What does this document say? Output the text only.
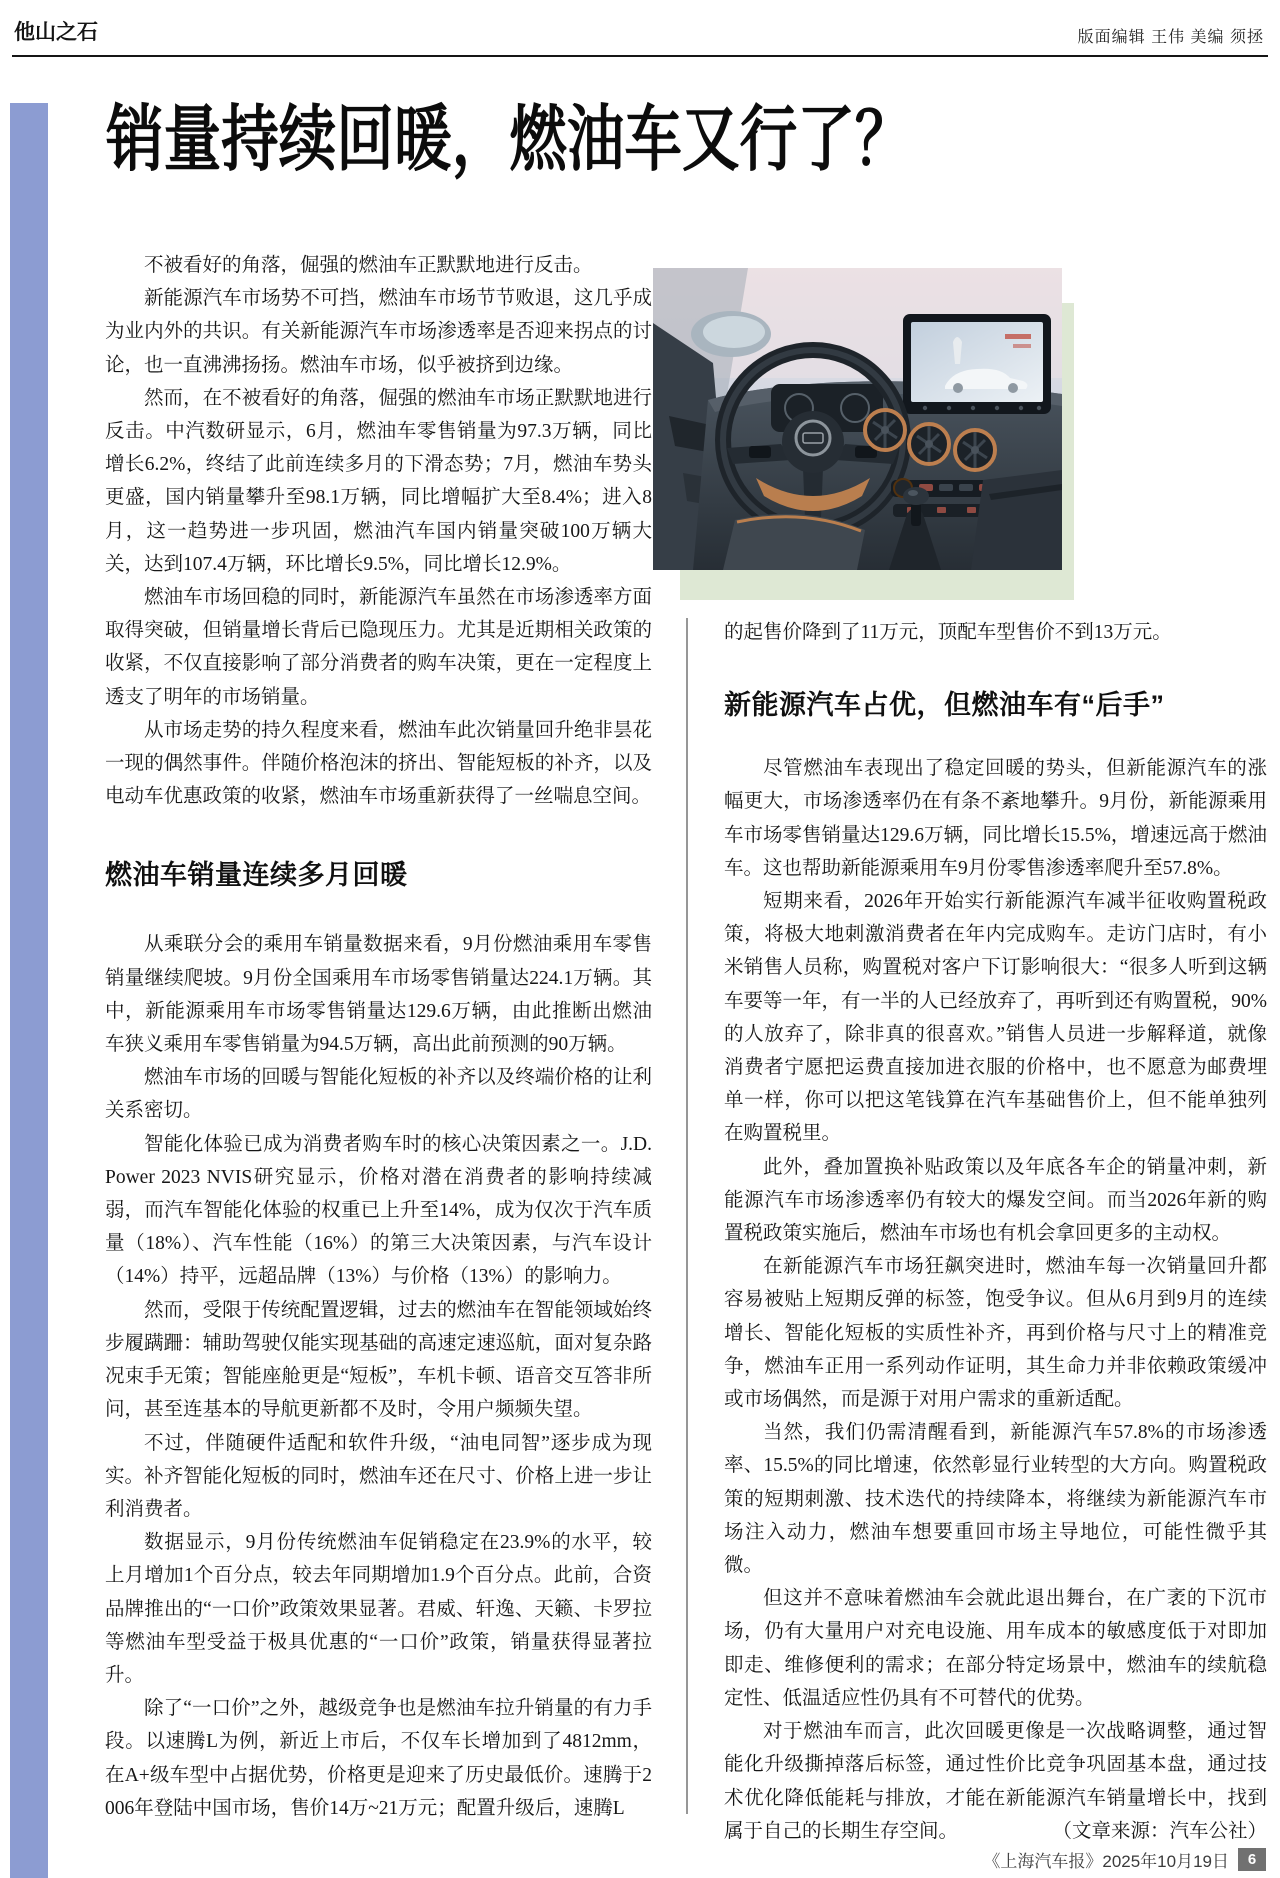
他山之石	版面编辑 王伟 美编 须拯
销量持续回暖，燃油车又行了？

不被看好的角落，倔强的燃油车正默默地进行反击。

新能源汽车市场势不可挡，燃油车市场节节败退，这几乎成为业内外的共识。有关新能源汽车市场渗透率是否迎来拐点的讨论，也一直沸沸扬扬。燃油车市场，似乎被挤到边缘。

然而，在不被看好的角落，倔强的燃油车市场正默默地进行反击。中汽数研显示，6月，燃油车零售销量为97.3万辆，同比增长6.2%，终结了此前连续多月的下滑态势；7月，燃油车势头更盛，国内销量攀升至98.1万辆，同比增幅扩大至8.4%；进入8月，这一趋势进一步巩固，燃油汽车国内销量突破100万辆大关，达到107.4万辆，环比增长9.5%，同比增长12.9%。

燃油车市场回稳的同时，新能源汽车虽然在市场渗透率方面取得突破，但销量增长背后已隐现压力。尤其是近期相关政策的收紧，不仅直接影响了部分消费者的购车决策，更在一定程度上透支了明年的市场销量。

从市场走势的持久程度来看，燃油车此次销量回升绝非昙花一现的偶然事件。伴随价格泡沫的挤出、智能短板的补齐，以及电动车优惠政策的收紧，燃油车市场重新获得了一丝喘息空间。

燃油车销量连续多月回暖

从乘联分会的乘用车销量数据来看，9月份燃油乘用车零售销量继续爬坡。9月份全国乘用车市场零售销量达224.1万辆。其中，新能源乘用车市场零售销量达129.6万辆，由此推断出燃油车狭义乘用车零售销量为94.5万辆，高出此前预测的90万辆。

燃油车市场的回暖与智能化短板的补齐以及终端价格的让利关系密切。

智能化体验已成为消费者购车时的核心决策因素之一。J.D. Power 2023 NVIS研究显示，价格对潜在消费者的影响持续减弱，而汽车智能化体验的权重已上升至14%，成为仅次于汽车质量（18%）、汽车性能（16%）的第三大决策因素，与汽车设计（14%）持平，远超品牌（13%）与价格（13%）的影响力。

然而，受限于传统配置逻辑，过去的燃油车在智能领域始终步履蹒跚：辅助驾驶仅能实现基础的高速定速巡航，面对复杂路况束手无策；智能座舱更是“短板”，车机卡顿、语音交互答非所问，甚至连基本的导航更新都不及时，令用户频频失望。

不过，伴随硬件适配和软件升级，“油电同智”逐步成为现实。补齐智能化短板的同时，燃油车还在尺寸、价格上进一步让利消费者。

数据显示，9月份传统燃油车促销稳定在23.9%的水平，较上月增加1个百分点，较去年同期增加1.9个百分点。此前，合资品牌推出的“一口价”政策效果显著。君威、轩逸、天籁、卡罗拉等燃油车型受益于极具优惠的“一口价”政策，销量获得显著拉升。

除了“一口价”之外，越级竞争也是燃油车拉升销量的有力手段。以速腾L为例，新近上市后，不仅车长增加到了4812mm，在A+级车型中占据优势，价格更是迎来了历史最低价。速腾于2006年登陆中国市场，售价14万~21万元；配置升级后，速腾L

的起售价降到了11万元，顶配车型售价不到13万元。

新能源汽车占优，但燃油车有“后手”

尽管燃油车表现出了稳定回暖的势头，但新能源汽车的涨幅更大，市场渗透率仍在有条不紊地攀升。9月份，新能源乘用车市场零售销量达129.6万辆，同比增长15.5%，增速远高于燃油车。这也帮助新能源乘用车9月份零售渗透率爬升至57.8%。

短期来看，2026年开始实行新能源汽车减半征收购置税政策，将极大地刺激消费者在年内完成购车。走访门店时，有小米销售人员称，购置税对客户下订影响很大：“很多人听到这辆车要等一年，有一半的人已经放弃了，再听到还有购置税，90%的人放弃了，除非真的很喜欢。”销售人员进一步解释道，就像消费者宁愿把运费直接加进衣服的价格中，也不愿意为邮费埋单一样，你可以把这笔钱算在汽车基础售价上，但不能单独列在购置税里。

此外，叠加置换补贴政策以及年底各车企的销量冲刺，新能源汽车市场渗透率仍有较大的爆发空间。而当2026年新的购置税政策实施后，燃油车市场也有机会拿回更多的主动权。

在新能源汽车市场狂飙突进时，燃油车每一次销量回升都容易被贴上短期反弹的标签，饱受争议。但从6月到9月的连续增长、智能化短板的实质性补齐，再到价格与尺寸上的精准竞争，燃油车正用一系列动作证明，其生命力并非依赖政策缓冲或市场偶然，而是源于对用户需求的重新适配。

当然，我们仍需清醒看到，新能源汽车57.8%的市场渗透率、15.5%的同比增速，依然彰显行业转型的大方向。购置税政策的短期刺激、技术迭代的持续降本，将继续为新能源汽车市场注入动力，燃油车想要重回市场主导地位，可能性微乎其微。

但这并不意味着燃油车会就此退出舞台，在广袤的下沉市场，仍有大量用户对充电设施、用车成本的敏感度低于对即加即走、维修便利的需求；在部分特定场景中，燃油车的续航稳定性、低温适应性仍具有不可替代的优势。

对于燃油车而言，此次回暖更像是一次战略调整，通过智能化升级撕掉落后标签，通过性价比竞争巩固基本盘，通过技术优化降低能耗与排放，才能在新能源汽车销量增长中，找到属于自己的长期生存空间。	（文章来源：汽车公社）

《上海汽车报》2025年10月19日	6
